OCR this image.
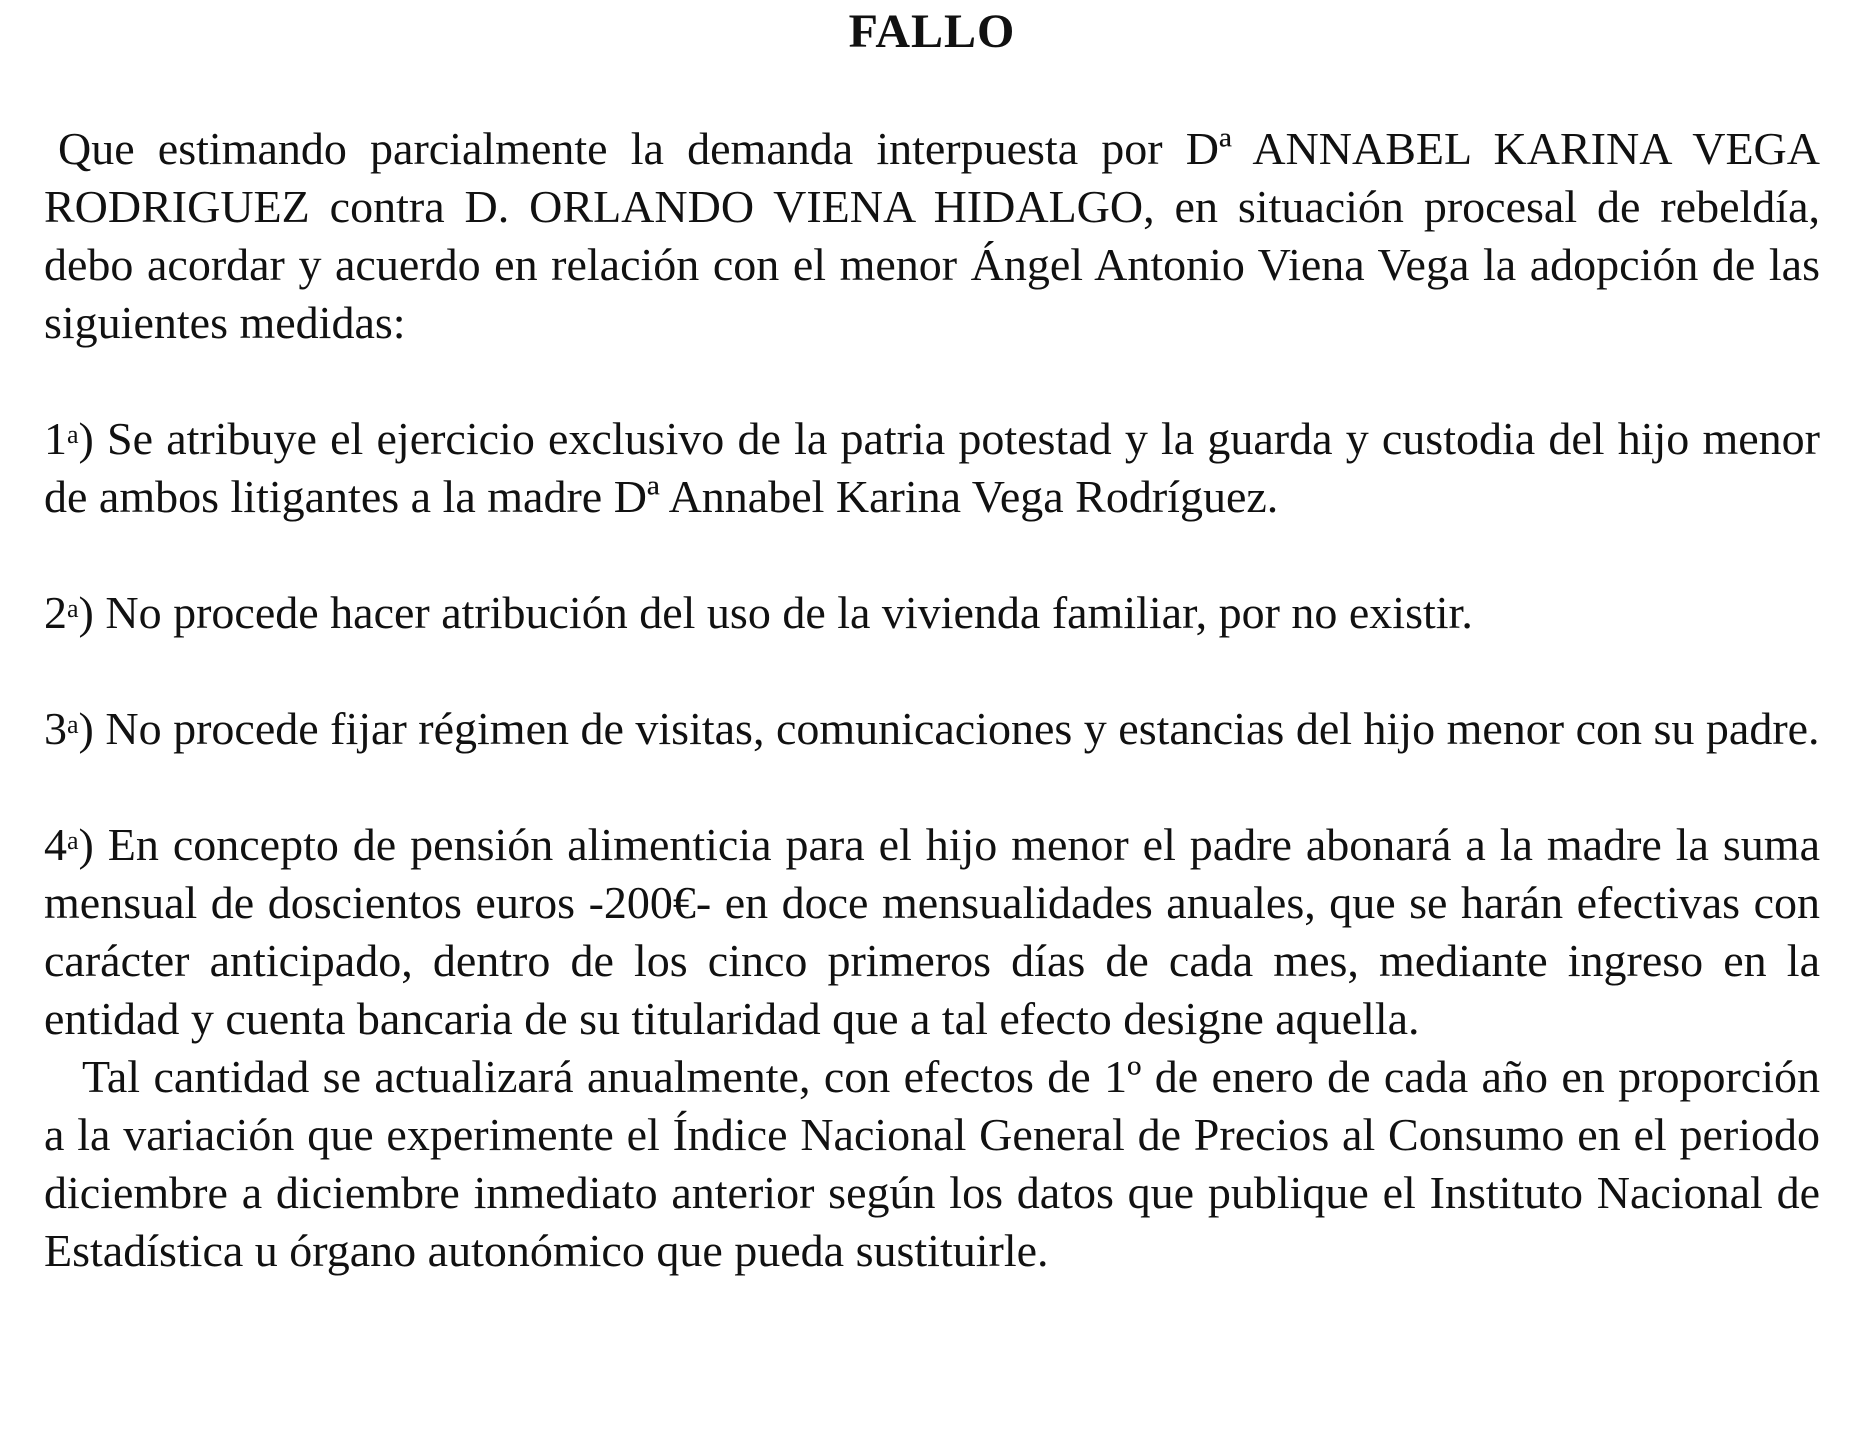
FALLO

Que estimando parcialmente la demanda interpuesta por Dª ANNABEL KARINA VEGA RODRIGUEZ contra D. ORLANDO VIENA HIDALGO, en situación procesal de rebeldía, debo acordar y acuerdo en relación con el menor Ángel Antonio Viena Vega la adopción de las siguientes medidas:

1$^a$) Se atribuye el ejercicio exclusivo de la patria potestad y la guarda y custodia del hijo menor de ambos litigantes a la madre Dª Annabel Karina Vega Rodríguez.

2$^a$) No procede hacer atribución del uso de la vivienda familiar, por no existir.

3$^a$) No procede fijar régimen de visitas, comunicaciones y estancias del hijo menor con su padre.

4$^a$) En concepto de pensión alimenticia para el hijo menor el padre abonará a la madre la suma mensual de doscientos euros -200€- en doce mensualidades anuales, que se harán efectivas con carácter anticipado, dentro de los cinco primeros días de cada mes, mediante ingreso en la entidad y cuenta bancaria de su titularidad que a tal efecto designe aquella.

Tal cantidad se actualizará anualmente, con efectos de 1º de enero de cada año en proporción a la variación que experimente el Índice Nacional General de Precios al Consumo en el periodo diciembre a diciembre inmediato anterior según los datos que publique el Instituto Nacional de Estadística u órgano autonómico que pueda sustituirle.
